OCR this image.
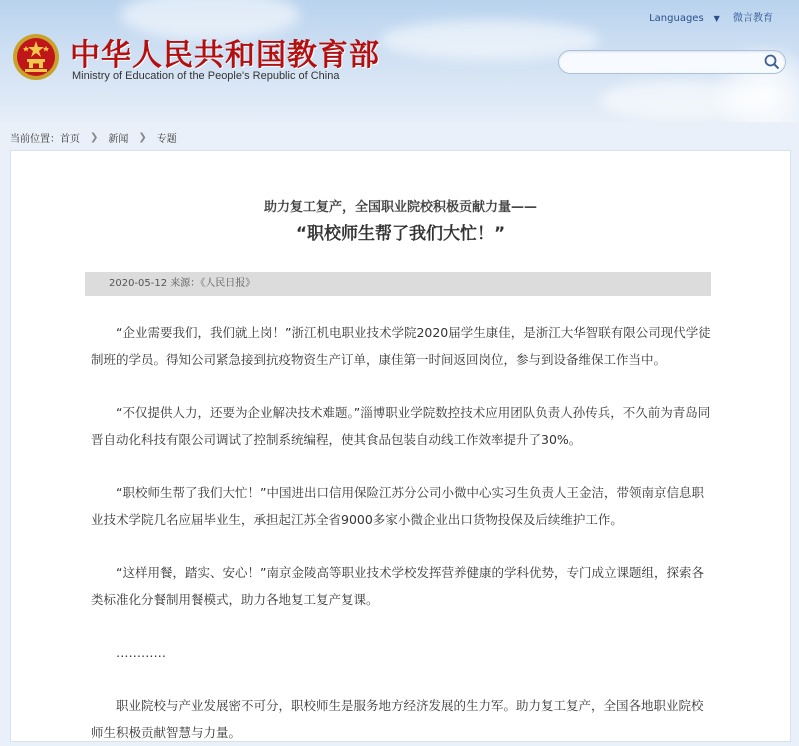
中华人民共和国教育部
Ministry of Education of the People's Republic of China
Languages ▼ 微言教育
当前位置： 首页 ❯ 新闻 ❯ 专题
助力复工复产，全国职业院校积极贡献力量——
“职校师生帮了我们大忙！”
2020-05-12 来源：《人民日报》

“企业需要我们，我们就上岗！”浙江机电职业技术学院2020届学生康佳，是浙江大华智联有限公司现代学徒制班的学员。得知公司紧急接到抗疫物资生产订单，康佳第一时间返回岗位，参与到设备维保工作当中。

“不仅提供人力，还要为企业解决技术难题。”淄博职业学院数控技术应用团队负责人孙传兵，不久前为青岛同晋自动化科技有限公司调试了控制系统编程，使其食品包装自动线工作效率提升了30%。

“职校师生帮了我们大忙！”中国进出口信用保险江苏分公司小微中心实习生负责人王金洁，带领南京信息职业技术学院几名应届毕业生，承担起江苏全省9000多家小微企业出口货物投保及后续维护工作。

“这样用餐，踏实、安心！”南京金陵高等职业技术学校发挥营养健康的学科优势，专门成立课题组，探索各类标准化分餐制用餐模式，助力各地复工复产复课。

…………

职业院校与产业发展密不可分，职校师生是服务地方经济发展的生力军。助力复工复产，全国各地职业院校师生积极贡献智慧与力量。
